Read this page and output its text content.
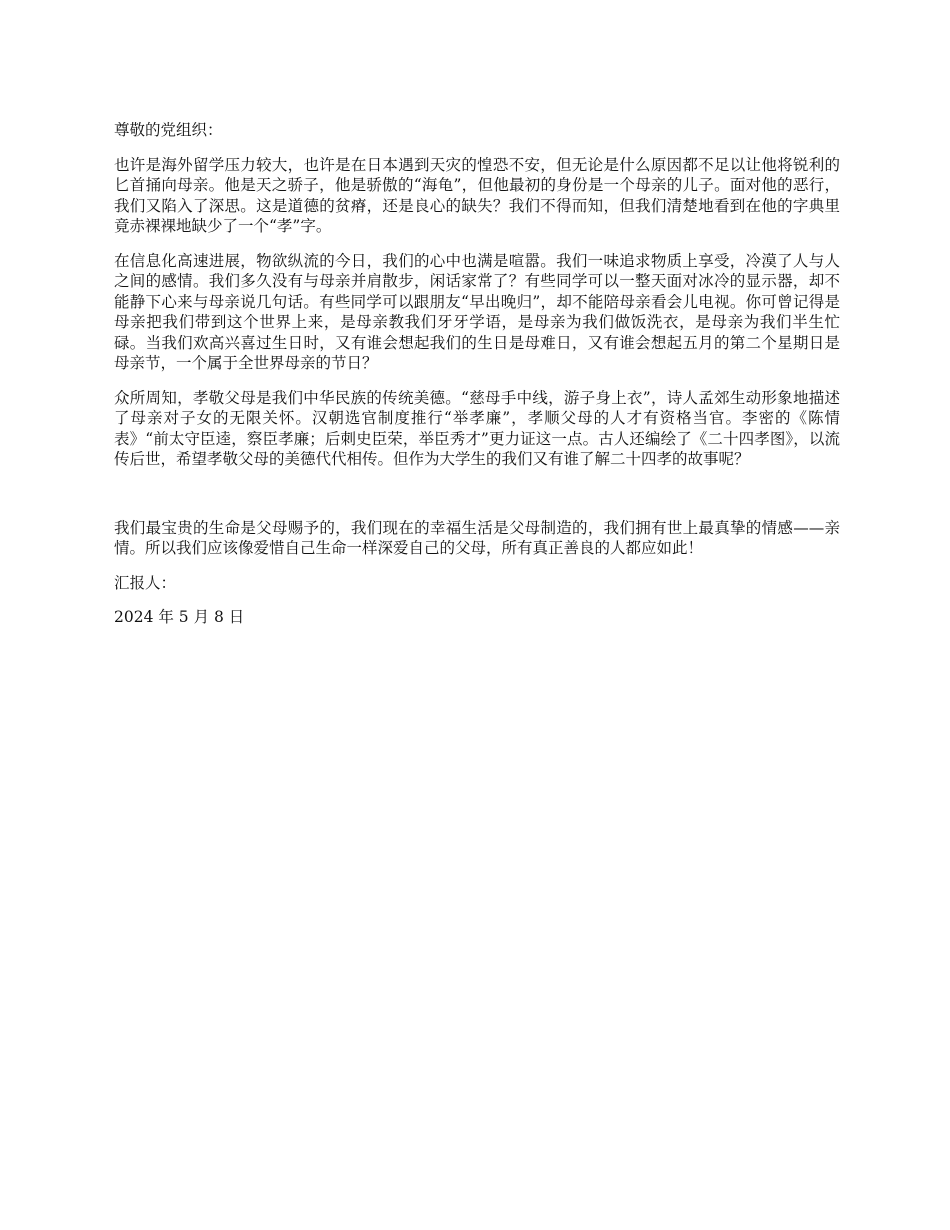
尊敬的党组织：

也许是海外留学压力较大，也许是在日本遇到天灾的惶恐不安，但无论是什么原因都不足以让他将锐利的匕首捅向母亲。他是天之骄子，他是骄傲的“海龟”，但他最初的身份是一个母亲的儿子。面对他的恶行，我们又陷入了深思。这是道德的贫瘠，还是良心的缺失？我们不得而知，但我们清楚地看到在他的字典里竟赤裸裸地缺少了一个“孝”字。

在信息化高速进展，物欲纵流的今日，我们的心中也满是喧嚣。我们一味追求物质上享受，冷漠了人与人之间的感情。我们多久没有与母亲并肩散步，闲话家常了？有些同学可以一整天面对冰冷的显示器，却不能静下心来与母亲说几句话。有些同学可以跟朋友“早出晚归”，却不能陪母亲看会儿电视。你可曾记得是母亲把我们带到这个世界上来，是母亲教我们牙牙学语，是母亲为我们做饭洗衣，是母亲为我们半生忙碌。当我们欢高兴喜过生日时，又有谁会想起我们的生日是母难日，又有谁会想起五月的第二个星期日是母亲节，一个属于全世界母亲的节日？

众所周知，孝敬父母是我们中华民族的传统美德。“慈母手中线，游子身上衣”，诗人孟郊生动形象地描述了母亲对子女的无限关怀。汉朝选官制度推行“举孝廉”，孝顺父母的人才有资格当官。李密的《陈情表》“前太守臣逵，察臣孝廉；后刺史臣荣，举臣秀才”更力证这一点。古人还编绘了《二十四孝图》，以流传后世，希望孝敬父母的美德代代相传。但作为大学生的我们又有谁了解二十四孝的故事呢？

我们最宝贵的生命是父母赐予的，我们现在的幸福生活是父母制造的，我们拥有世上最真挚的情感——亲情。所以我们应该像爱惜自己生命一样深爱自己的父母，所有真正善良的人都应如此！

汇报人：

2024 年 5 月 8 日
